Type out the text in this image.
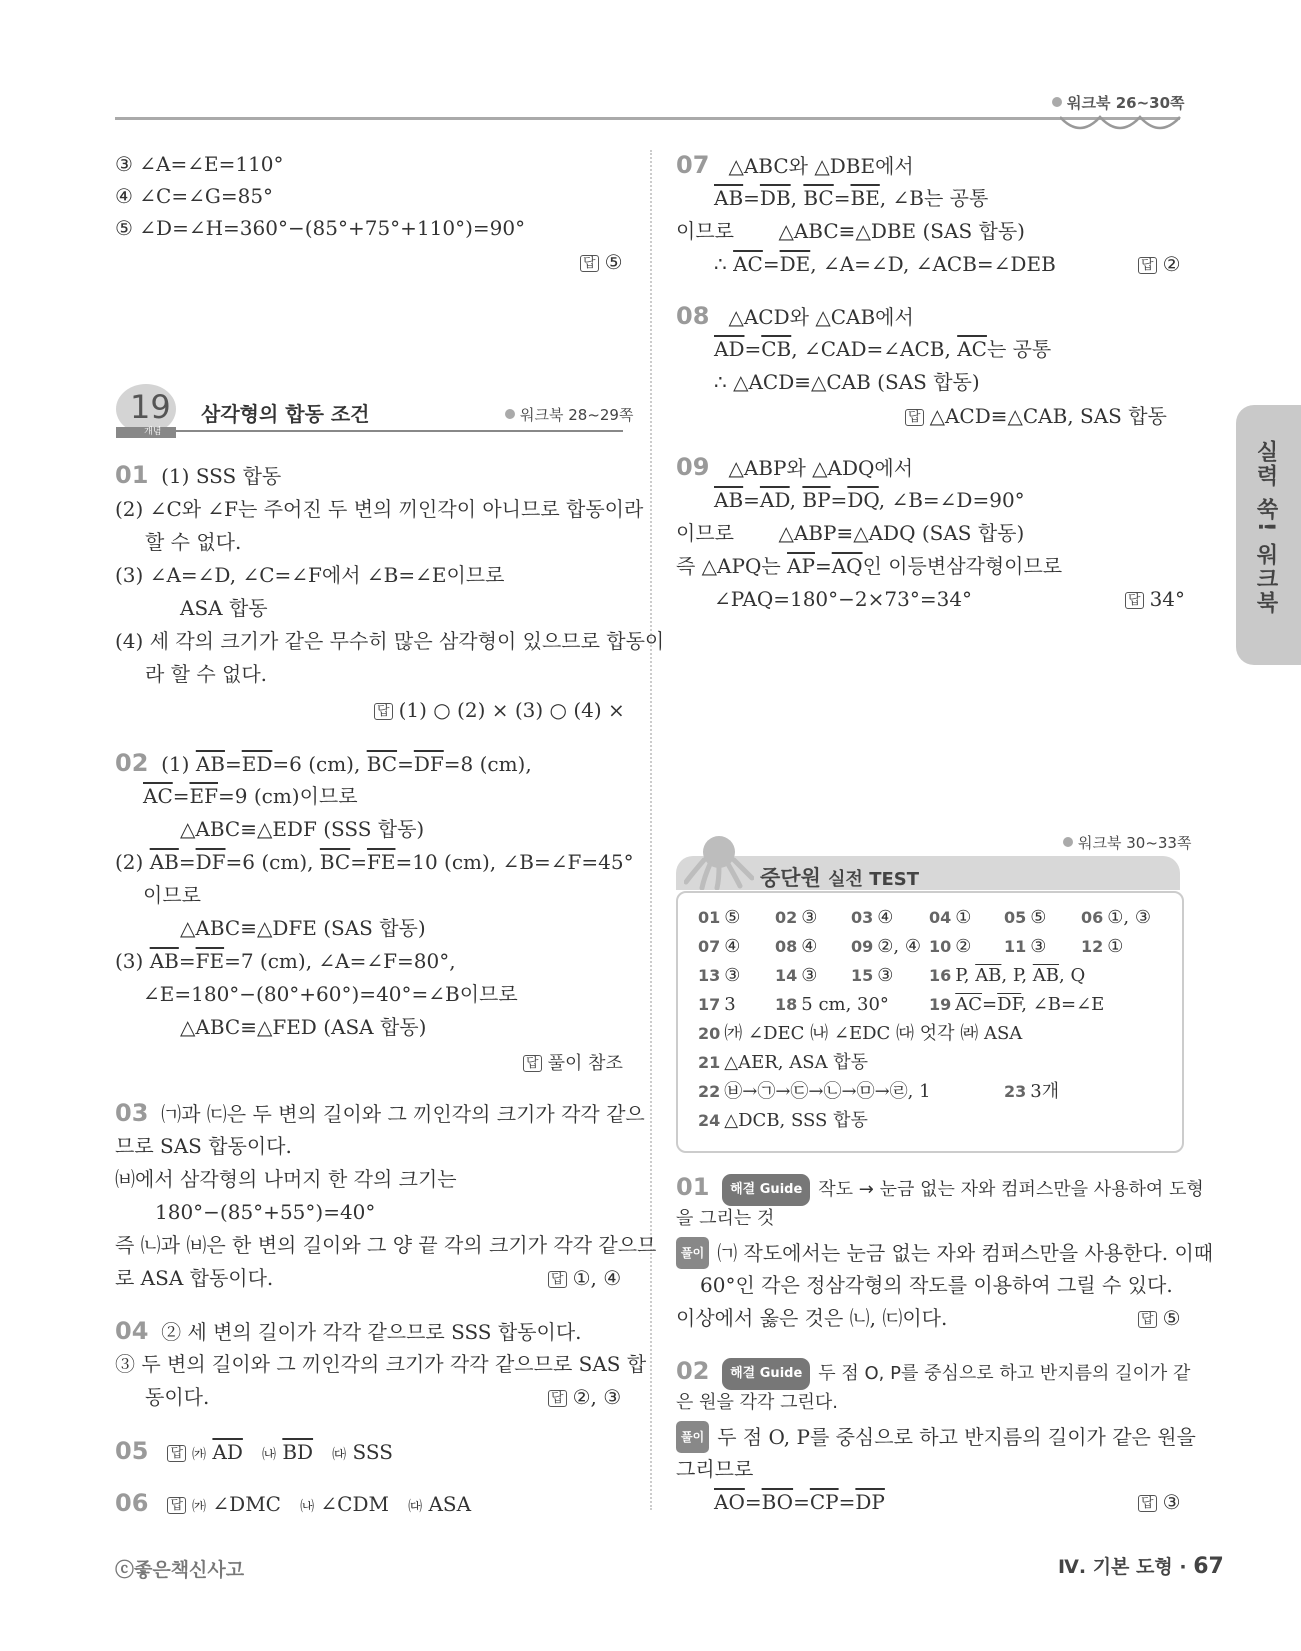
워크북 26~30쪽
실력 쑥! 워크북
③ ∠A=∠E=110°
④ ∠C=∠G=85°
⑤ ∠D=∠H=360°−(85°+75°+110°)=90°
답 ⑤
19
개념
삼각형의 합동 조건	워크북 28~29쪽
01 (1) SSS 합동
(2) ∠C와 ∠F는 주어진 두 변의 끼인각이 아니므로 합동이라
할 수 없다.
(3) ∠A=∠D, ∠C=∠F에서 ∠B=∠E이므로
ASA 합동
(4) 세 각의 크기가 같은 무수히 많은 삼각형이 있으므로 합동이
라 할 수 없다.
답 (1) ○ (2) × (3) ○ (4) ×
02 (1) $\overline{AB}=\overline{ED}=6$ (cm), $\overline{BC}=\overline{DF}=8$ (cm),
$\overline{AC}=\overline{EF}=9$ (cm)이므로
△ABC≡△EDF (SSS 합동)
(2) $\overline{AB}=\overline{DF}=6$ (cm), $\overline{BC}=\overline{FE}=10$ (cm), ∠B=∠F=45°
이므로
△ABC≡△DFE (SAS 합동)
(3) $\overline{AB}=\overline{FE}=7$ (cm), ∠A=∠F=80°,
∠E=180°−(80°+60°)=40°=∠B이므로
△ABC≡△FED (ASA 합동)
답 풀이 참조
03 ㈀과 ㈂은 두 변의 길이와 그 끼인각의 크기가 각각 같으
므로 SAS 합동이다.
㈅에서 삼각형의 나머지 한 각의 크기는
180°−(85°+55°)=40°
즉 ㈁과 ㈅은 한 변의 길이와 그 양 끝 각의 크기가 각각 같으므
로 ASA 합동이다.	답 ①, ④
04 ② 세 변의 길이가 각각 같으므로 SSS 합동이다.
③ 두 변의 길이와 그 끼인각의 크기가 각각 같으므로 SAS 합
동이다.	답 ②, ③
05 답 ㈎ $\overline{AD}$ ㈏ $\overline{BD}$ ㈐ SSS
06 답 ㈎ ∠DMC ㈏ ∠CDM ㈐ ASA
07 △ABC와 △DBE에서
$\overline{AB}=\overline{DB}$, $\overline{BC}=\overline{BE}$, ∠B는 공통
이므로 △ABC≡△DBE (SAS 합동)
∴ $\overline{AC}=\overline{DE}$, ∠A=∠D, ∠ACB=∠DEB	답 ②
08 △ACD와 △CAB에서
$\overline{AD}=\overline{CB}$, ∠CAD=∠ACB, $\overline{AC}$는 공통
∴ △ACD≡△CAB (SAS 합동)
답 △ACD≡△CAB, SAS 합동
09 △ABP와 △ADQ에서
$\overline{AB}=\overline{AD}$, $\overline{BP}=\overline{DQ}$, ∠B=∠D=90°
이므로 △ABP≡△ADQ (SAS 합동)
즉 △APQ는 $\overline{AP}=\overline{AQ}$인 이등변삼각형이므로
∠PAQ=180°−2×73°=34°	답 34°
워크북 30~33쪽
중단원 실전 TEST
01 ⑤ 02 ③ 03 ④ 04 ① 05 ⑤ 06 ①, ③
07 ④ 08 ④ 09 ②, ④ 10 ② 11 ③ 12 ①
13 ③ 14 ③ 15 ③ 16 P, $\overline{AB}$, P, $\overline{AB}$, Q
17 3 18 5 cm, 30°	19 $\overline{AC}=\overline{DF}$, ∠B=∠E
20 ㈎ ∠DEC ㈏ ∠EDC ㈐ 엇각 ㈑ ASA
21 △AER, ASA 합동
22 ㉥→㉠→㉢→㉡→㉤→㉣, 1	23 3개
24 △DCB, SSS 합동
01 해결 Guide 작도 → 눈금 없는 자와 컴퍼스만을 사용하여 도형
을 그리는 것
풀이 ㈀ 작도에서는 눈금 없는 자와 컴퍼스만을 사용한다. 이때
60°인 각은 정삼각형의 작도를 이용하여 그릴 수 있다.
이상에서 옳은 것은 ㈁, ㈂이다.	답 ⑤
02 해결 Guide 두 점 O, P를 중심으로 하고 반지름의 길이가 같
은 원을 각각 그린다.
풀이 두 점 O, P를 중심으로 하고 반지름의 길이가 같은 원을
그리므로
$\overline{AO}=\overline{BO}=\overline{CP}=\overline{DP}$	답 ③
ⓒ좋은책신사고	Ⅳ. 기본 도형 · 67
